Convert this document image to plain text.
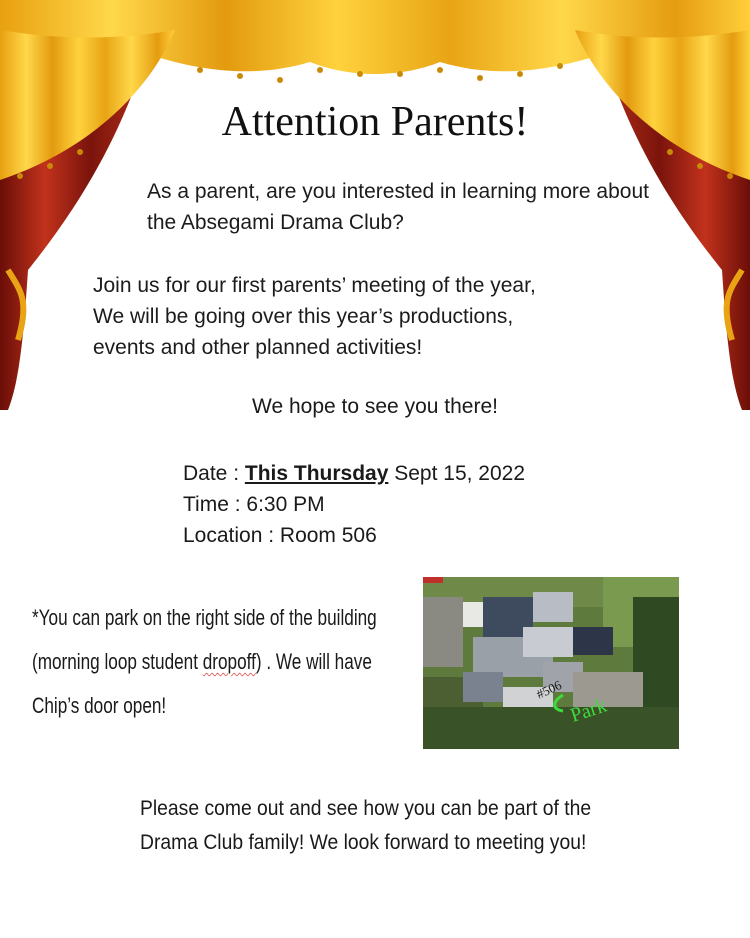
Attention Parents!
As a parent, are you interested in learning more about the Absegami Drama Club?
Join us for our first parents’ meeting of the year,
We will be going over this year’s productions,
events and other planned activities!
We hope to see you there!
Date : This Thursday Sept 15, 2022
Time : 6:30 PM
Location : Room 506
*You can park on the right side of the building
(morning loop student dropoff) . We will have
Chip’s door open!
#506
Park
Please come out and see how you can be part of the Drama Club family! We look forward to meeting you!
